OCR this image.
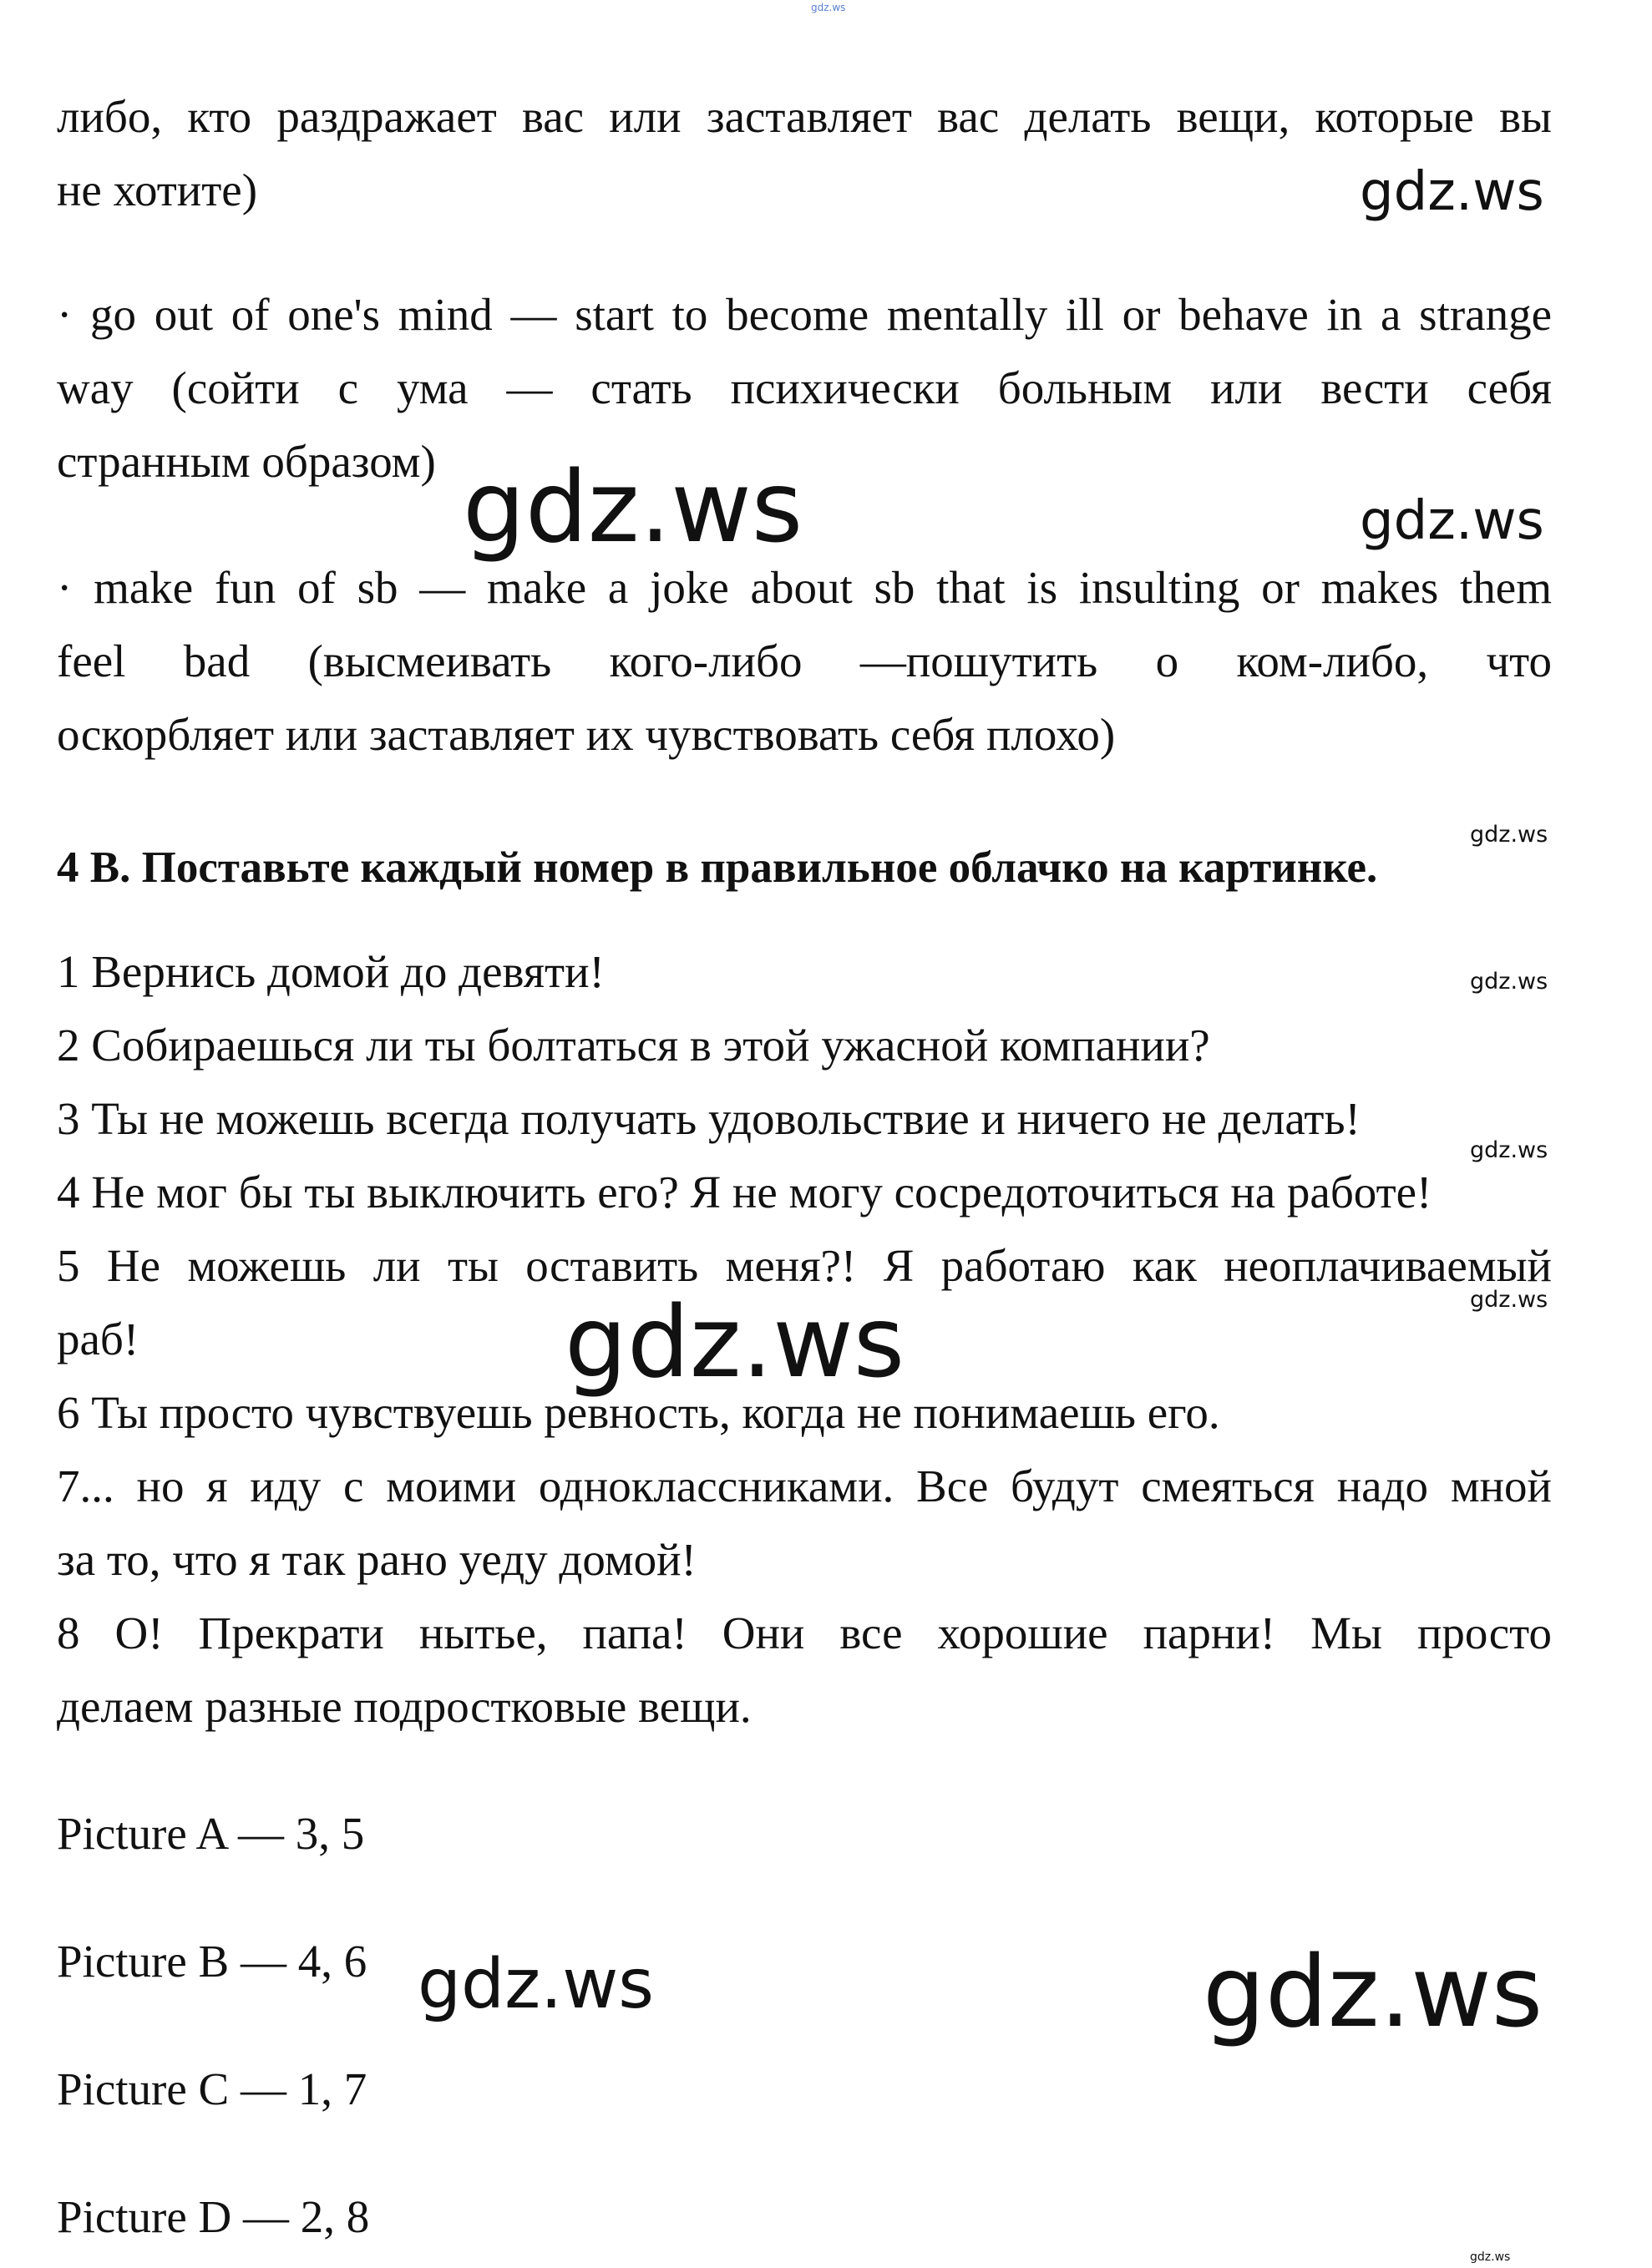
gdz.ws
либо, кто раздражает вас или заставляет вас делать вещи, которые вы
не хотите)
· go out of one's mind — start to become mentally ill or behave in a strange
way (сойти с ума — стать психически больным или вести себя
странным образом)
· make fun of sb — make a joke about sb that is insulting or makes them
feel bad (высмеивать кого-либо —пошутить о ком-либо, что
оскорбляет или заставляет их чувствовать себя плохо)
4 B. Поставьте каждый номер в правильное облачко на картинке.
1 Вернись домой до девяти!
2 Собираешься ли ты болтаться в этой ужасной компании?
3 Ты не можешь всегда получать удовольствие и ничего не делать!
4 Не мог бы ты выключить его? Я не могу сосредоточиться на работе!
5 Не можешь ли ты оставить меня?! Я работаю как неоплачиваемый
раб!
6 Ты просто чувствуешь ревность, когда не понимаешь его.
7... но я иду с моими одноклассниками. Все будут смеяться надо мной
за то, что я так рано уеду домой!
8 О! Прекрати нытье, папа! Они все хорошие парни! Мы просто
делаем разные подростковые вещи.
Picture A — 3, 5
Picture B — 4, 6
Picture C — 1, 7
Picture D — 2, 8
gdz.ws
gdz.ws	gdz.ws
gdz.ws
gdz.ws
gdz.ws
gdz.ws
gdz.ws
gdz.ws	gdz.ws
gdz.ws
